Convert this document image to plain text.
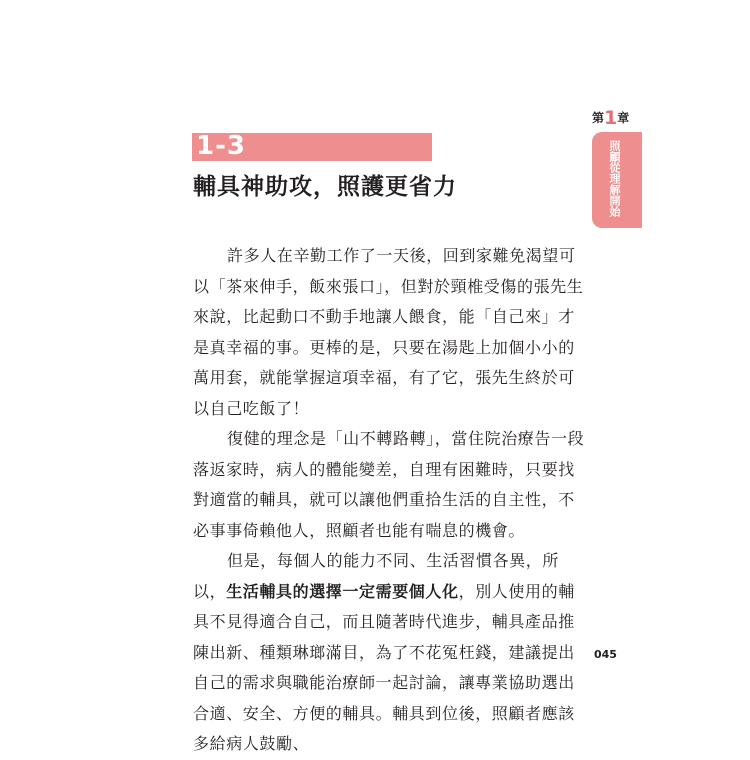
第1章
照顧從理解開始
1-3
輔具神助攻，照護更省力

許多人在辛勤工作了一天後，回到家難免渴望可以「茶來伸手，飯來張口」，但對於頸椎受傷的張先生來說，比起動口不動手地讓人餵食，能「自己來」才是真幸福的事。更棒的是，只要在湯匙上加個小小的萬用套，就能掌握這項幸福，有了它，張先生終於可以自己吃飯了！

復健的理念是「山不轉路轉」，當住院治療告一段落返家時，病人的體能變差，自理有困難時，只要找對適當的輔具，就可以讓他們重拾生活的自主性，不必事事倚賴他人，照顧者也能有喘息的機會。

但是，每個人的能力不同、生活習慣各異，所以，生活輔具的選擇一定需要個人化，別人使用的輔具不見得適合自己，而且隨著時代進步，輔具產品推陳出新、種類琳瑯滿目，為了不花冤枉錢，建議提出自己的需求與職能治療師一起討論，讓專業協助選出合適、安全、方便的輔具。輔具到位後，照顧者應該多給病人鼓勵、

045
